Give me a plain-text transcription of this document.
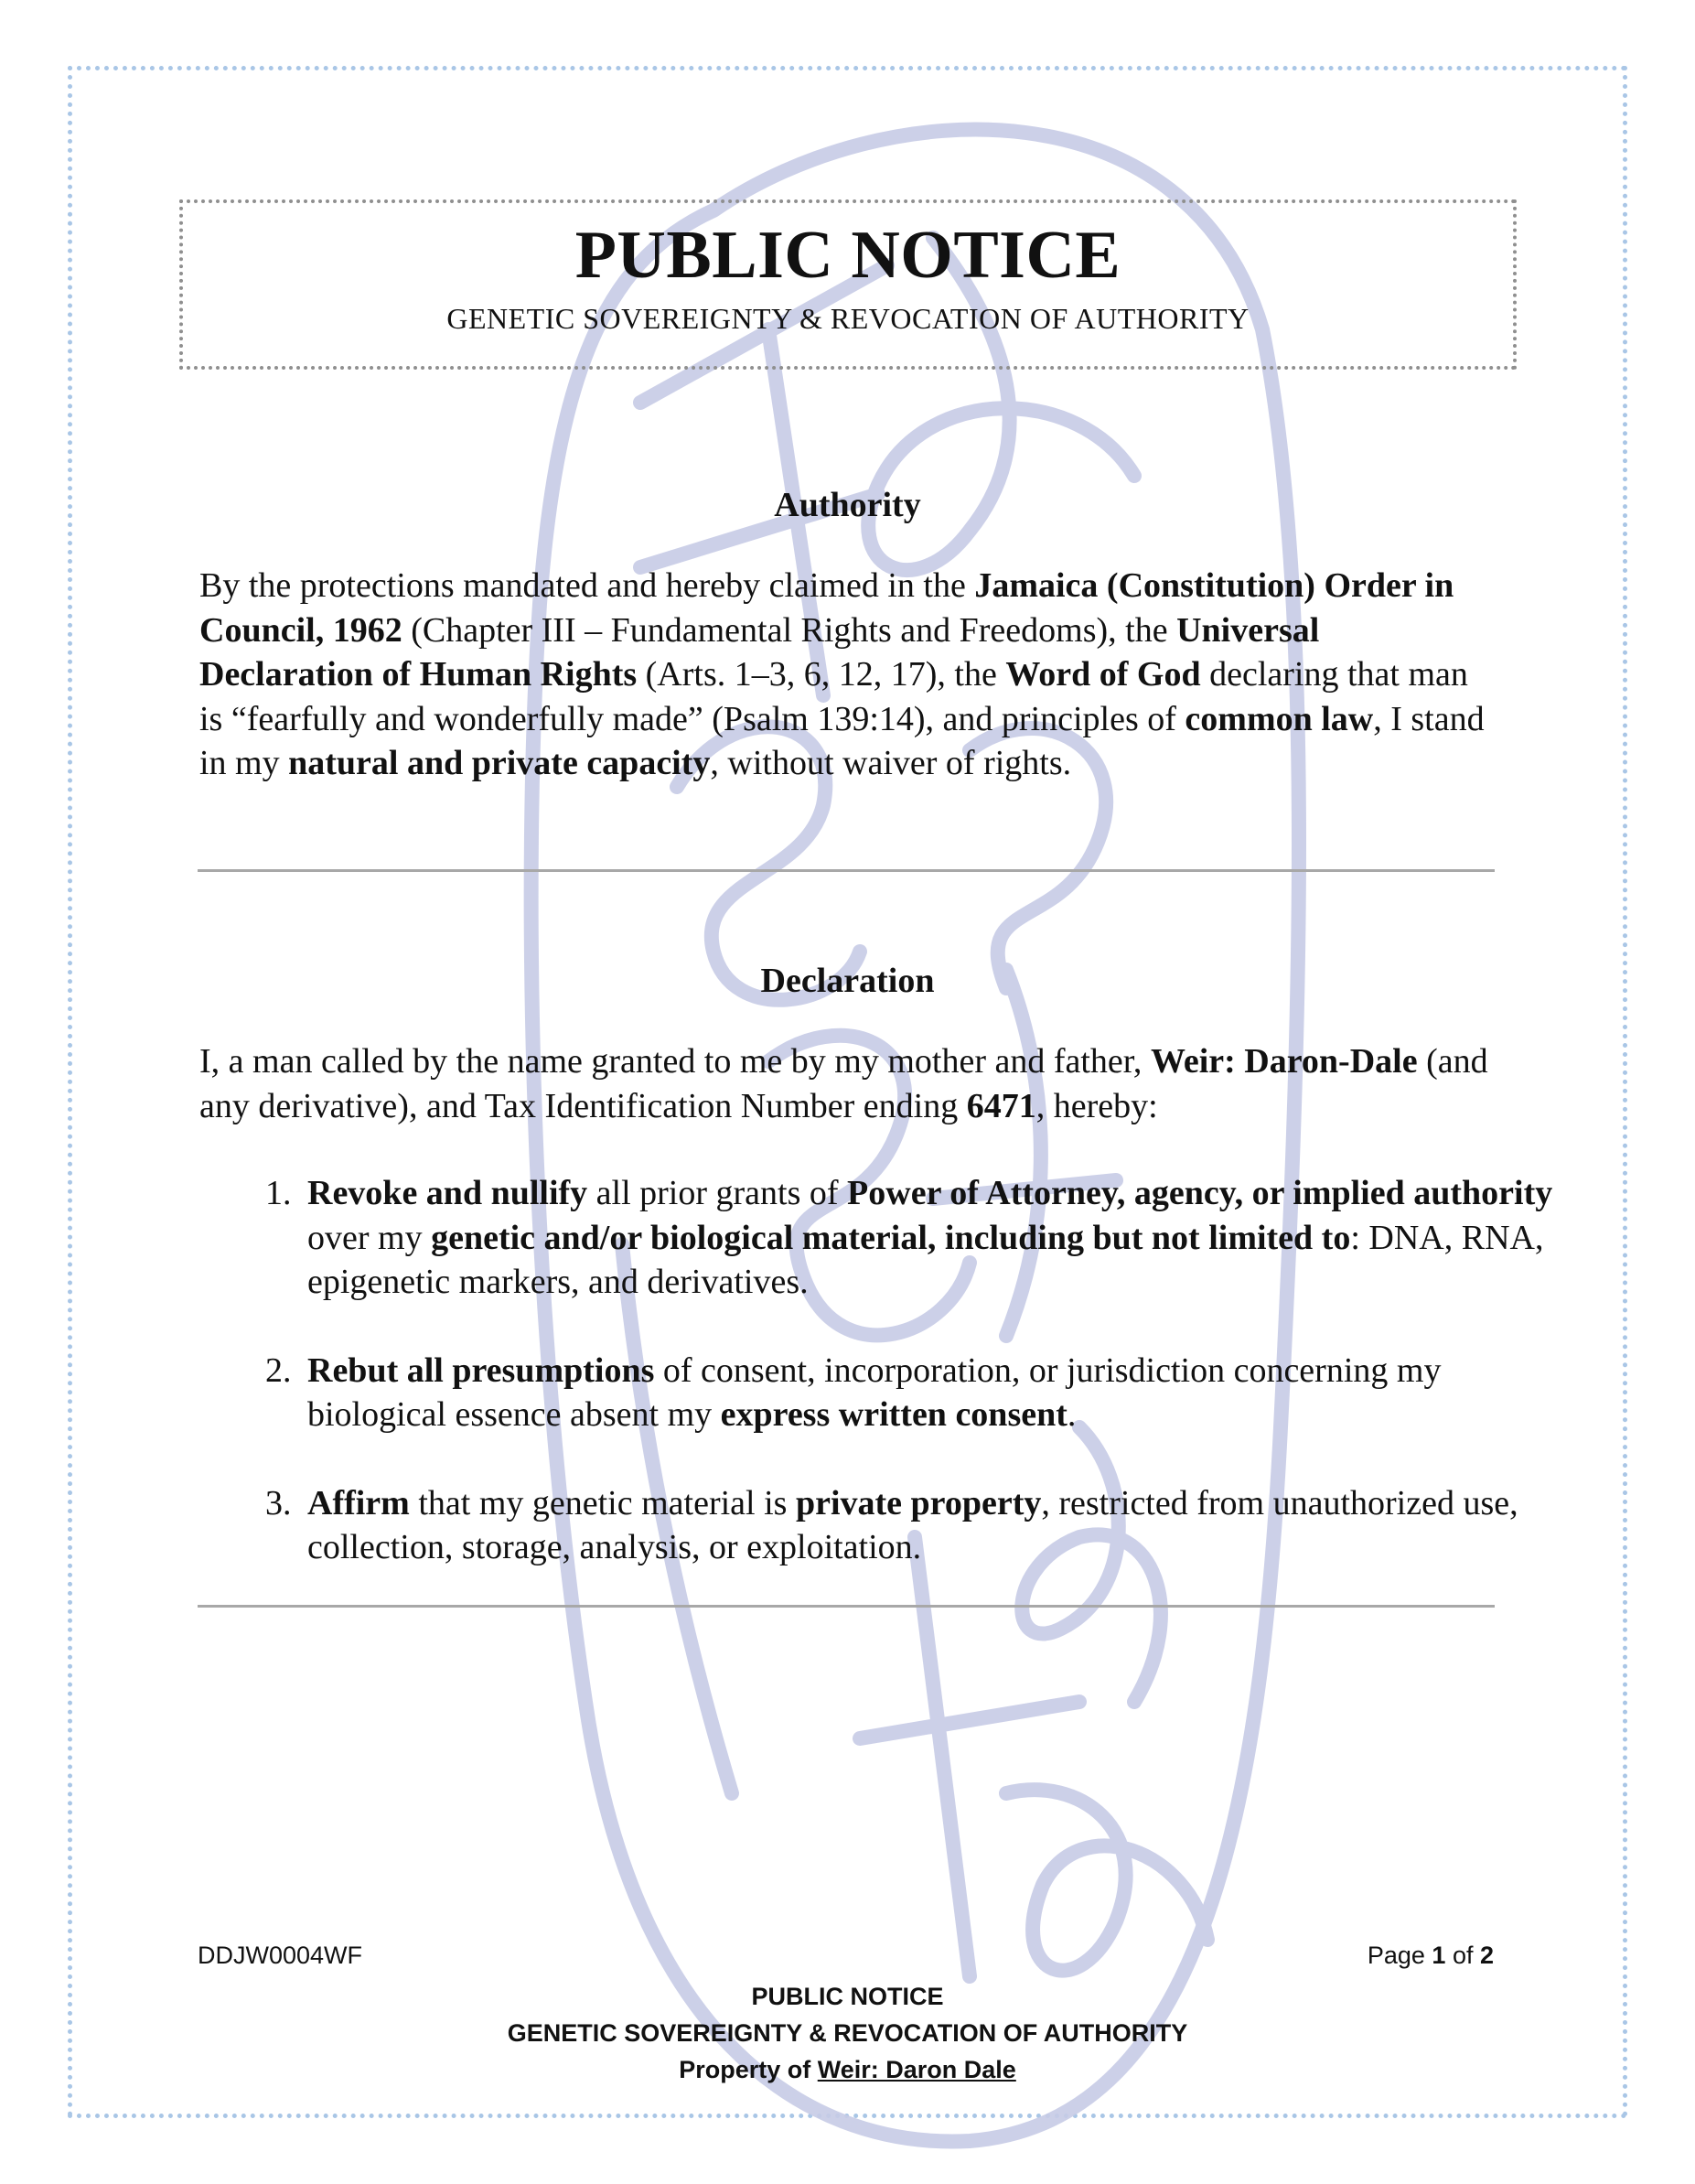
PUBLIC NOTICE
GENETIC SOVEREIGNTY & REVOCATION OF AUTHORITY
Authority
By the protections mandated and hereby claimed in the Jamaica (Constitution) Order in Council, 1962 (Chapter III – Fundamental Rights and Freedoms), the Universal Declaration of Human Rights (Arts. 1–3, 6, 12, 17), the Word of God declaring that man is “fearfully and wonderfully made” (Psalm 139:14), and principles of common law, I stand in my natural and private capacity, without waiver of rights.
Declaration
I, a man called by the name granted to me by my mother and father, Weir: Daron-Dale (and any derivative), and Tax Identification Number ending 6471, hereby:
1. Revoke and nullify all prior grants of Power of Attorney, agency, or implied authority over my genetic and/or biological material, including but not limited to: DNA, RNA, epigenetic markers, and derivatives.
2. Rebut all presumptions of consent, incorporation, or jurisdiction concerning my biological essence absent my express written consent.
3. Affirm that my genetic material is private property, restricted from unauthorized use, collection, storage, analysis, or exploitation.
DDJW0004WF	Page 1 of 2
PUBLIC NOTICE
GENETIC SOVEREIGNTY & REVOCATION OF AUTHORITY
Property of Weir: Daron Dale
